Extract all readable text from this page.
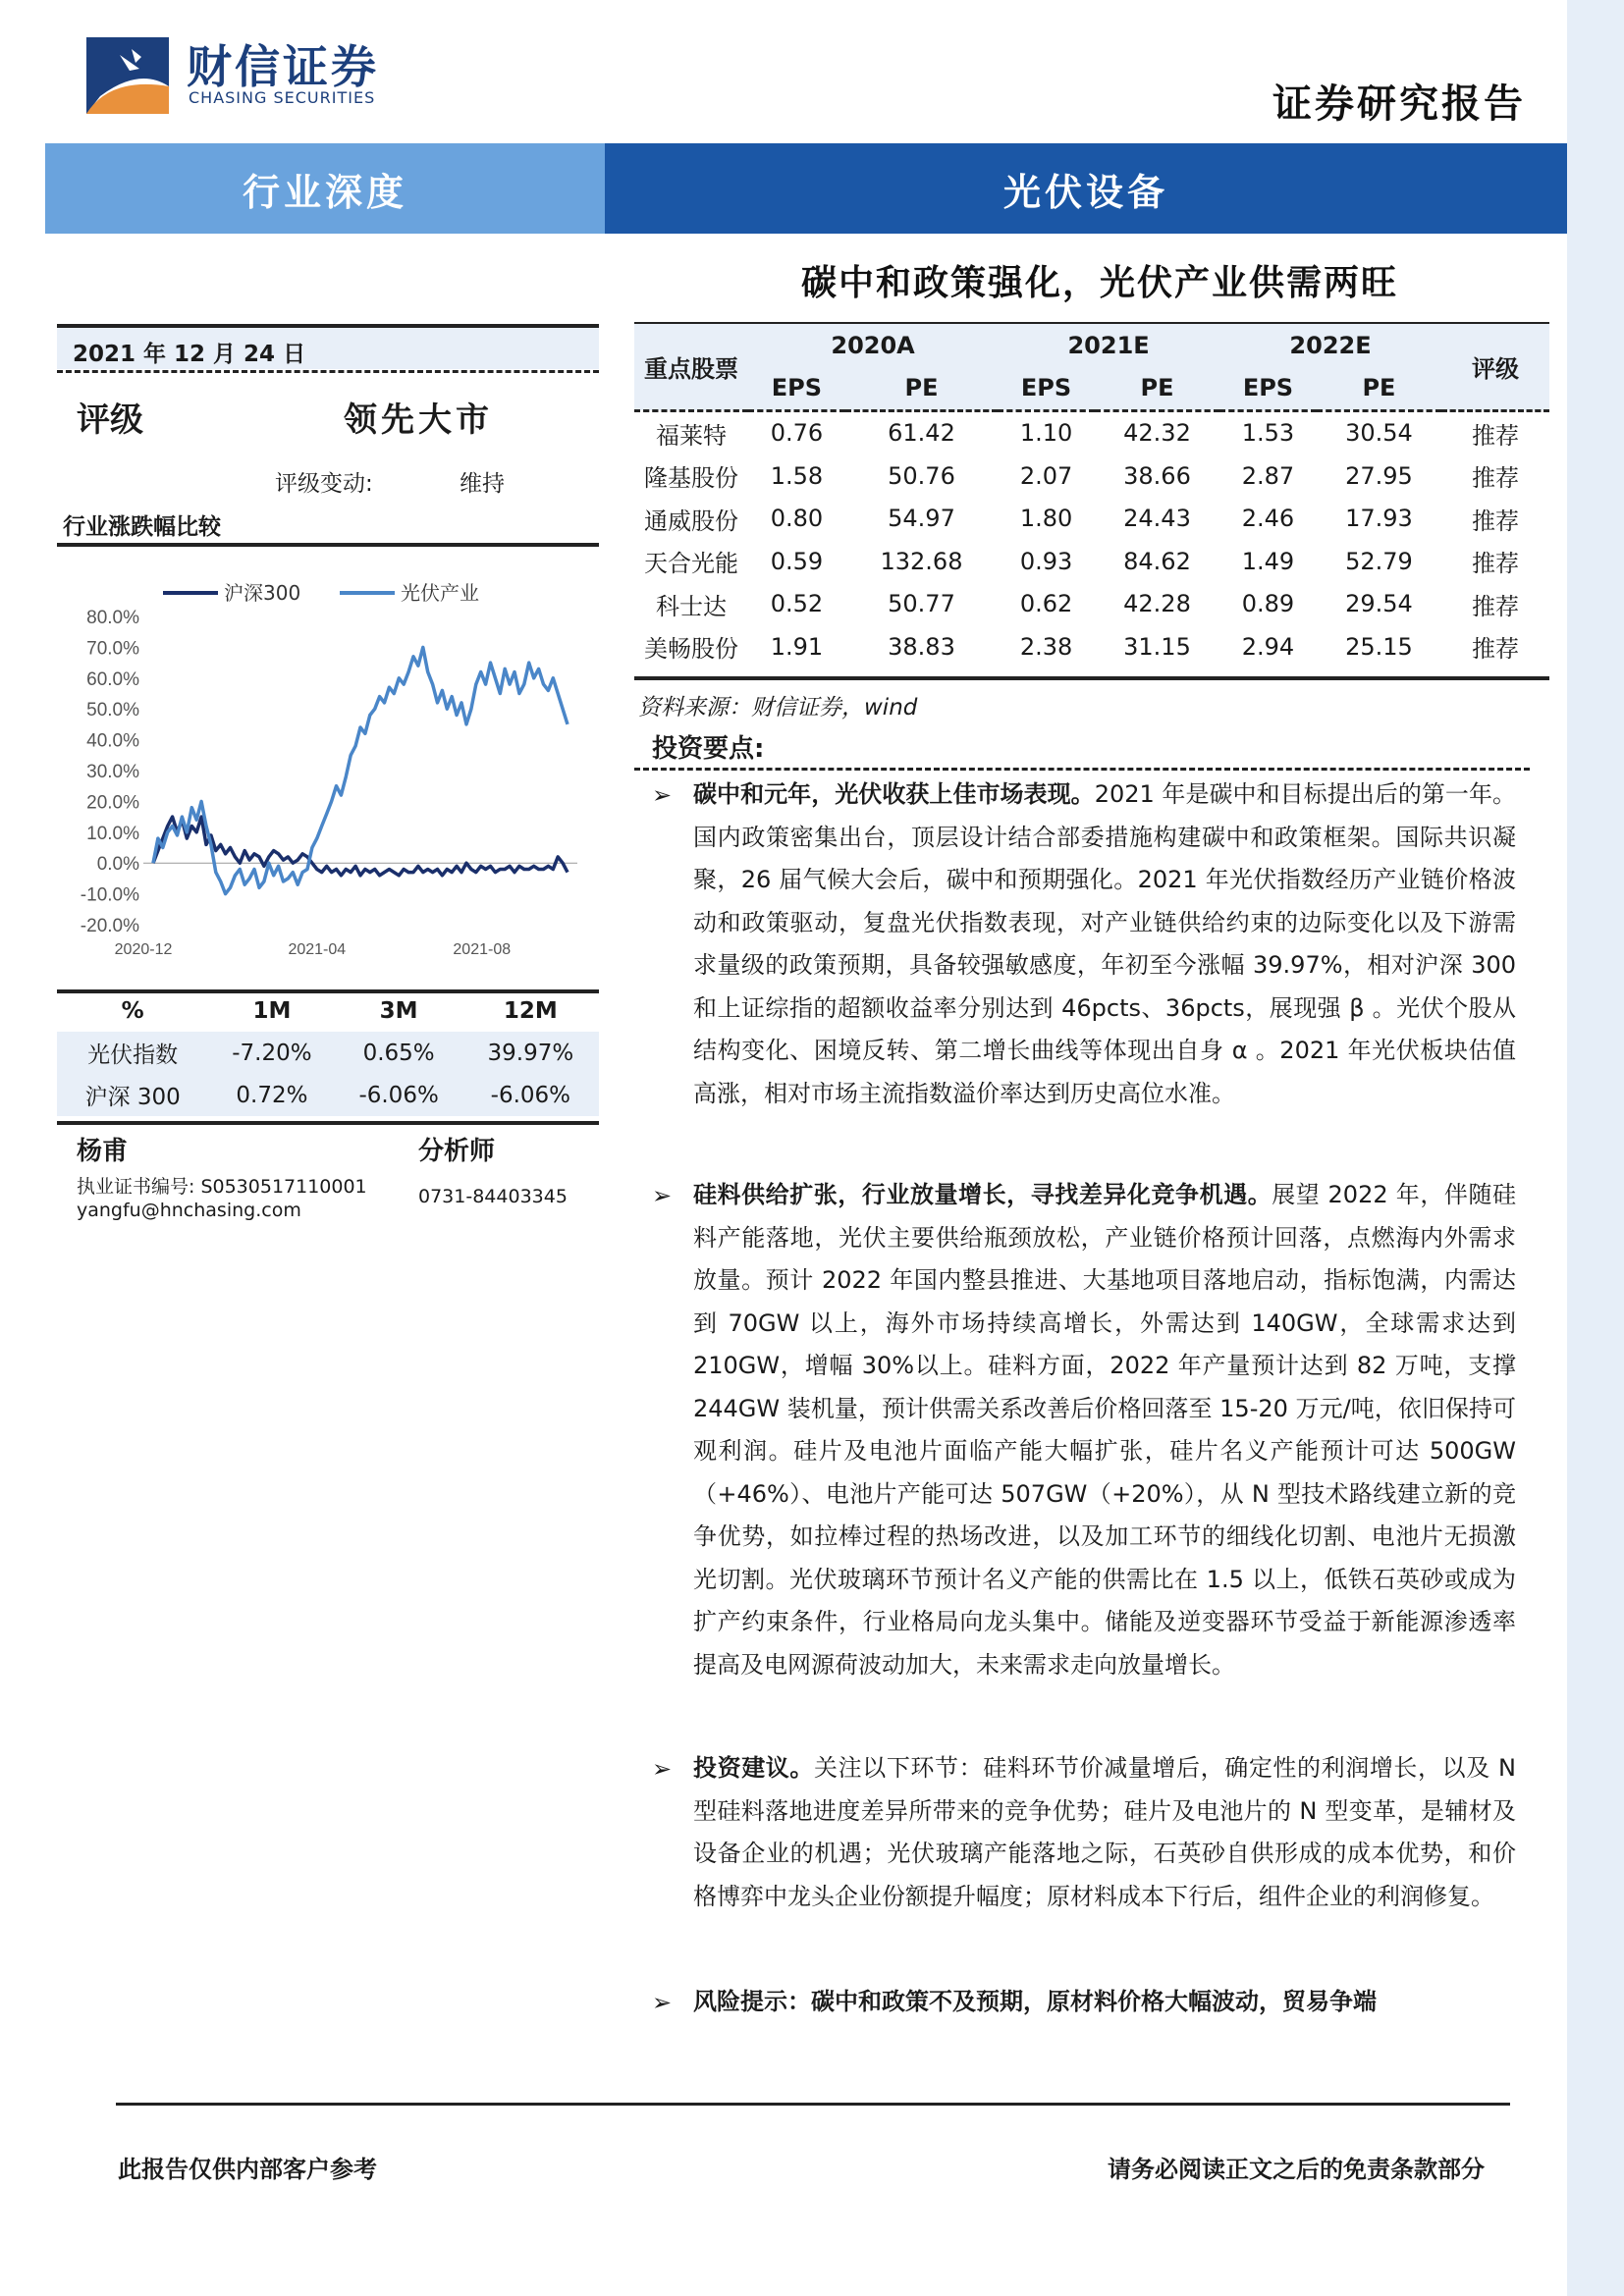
财信证券
CHASING SECURITIES	证券研究报告
行业深度	光伏设备
碳中和政策强化，光伏产业供需两旺
2021 年 12 月 24 日
评级	领先大市
评级变动:	维持
行业涨跌幅比较
沪深300	光伏产业
80.0%
70.0%
60.0%
50.0%
40.0%
30.0%
20.0%
10.0%
0.0%
-10.0%
-20.0%
2020-12	2021-04	2021-08
%	1M	3M	12M
光伏指数	-7.20%	0.65%	39.97%
沪深 300	0.72%	-6.06%	-6.06%
杨甫	分析师
执业证书编号: S0530517110001
yangfu@hnchasing.com
0731-84403345
重点股票	2020A		2021E		2022E		评级
	EPS	PE	EPS	PE	EPS	PE	
福莱特	0.76	61.42	1.10	42.32	1.53	30.54	推荐
隆基股份	1.58	50.76	2.07	38.66	2.87	27.95	推荐
通威股份	0.80	54.97	1.80	24.43	2.46	17.93	推荐
天合光能	0.59	132.68	0.93	84.62	1.49	52.79	推荐
科士达	0.52	50.77	0.62	42.28	0.89	29.54	推荐
美畅股份	1.91	38.83	2.38	31.15	2.94	25.15	推荐
资料来源：财信证券，wind
投资要点:
➢ 碳中和元年，光伏收获上佳市场表现。2021 年是碳中和目标提出后的第一年。国内政策密集出台，顶层设计结合部委措施构建碳中和政策框架。国际共识凝聚，26 届气候大会后，碳中和预期强化。2021 年光伏指数经历产业链价格波动和政策驱动，复盘光伏指数表现，对产业链供给约束的边际变化以及下游需求量级的政策预期，具备较强敏感度，年初至今涨幅 39.97%，相对沪深 300 和上证综指的超额收益率分别达到 46pcts、36pcts，展现强 β 。光伏个股从结构变化、困境反转、第二增长曲线等体现出自身 α 。2021 年光伏板块估值高涨，相对市场主流指数溢价率达到历史高位水准。
➢ 硅料供给扩张，行业放量增长，寻找差异化竞争机遇。展望 2022 年，伴随硅料产能落地，光伏主要供给瓶颈放松，产业链价格预计回落，点燃海内外需求放量。预计 2022 年国内整县推进、大基地项目落地启动，指标饱满，内需达到 70GW 以上，海外市场持续高增长，外需达到 140GW，全球需求达到 210GW，增幅 30%以上。硅料方面，2022 年产量预计达到 82 万吨，支撑 244GW 装机量，预计供需关系改善后价格回落至 15-20 万元/吨，依旧保持可观利润。硅片及电池片面临产能大幅扩张，硅片名义产能预计可达 500GW（+46%）、电池片产能可达 507GW（+20%），从 N 型技术路线建立新的竞争优势，如拉棒过程的热场改进，以及加工环节的细线化切割、电池片无损激光切割。光伏玻璃环节预计名义产能的供需比在 1.5 以上，低铁石英砂或成为扩产约束条件，行业格局向龙头集中。储能及逆变器环节受益于新能源渗透率提高及电网源荷波动加大，未来需求走向放量增长。
➢ 投资建议。关注以下环节：硅料环节价减量增后，确定性的利润增长，以及 N 型硅料落地进度差异所带来的竞争优势；硅片及电池片的 N 型变革，是辅材及设备企业的机遇；光伏玻璃产能落地之际，石英砂自供形成的成本优势，和价格博弈中龙头企业份额提升幅度；原材料成本下行后，组件企业的利润修复。
➢ 风险提示：碳中和政策不及预期，原材料价格大幅波动，贸易争端
此报告仅供内部客户参考	请务必阅读正文之后的免责条款部分
